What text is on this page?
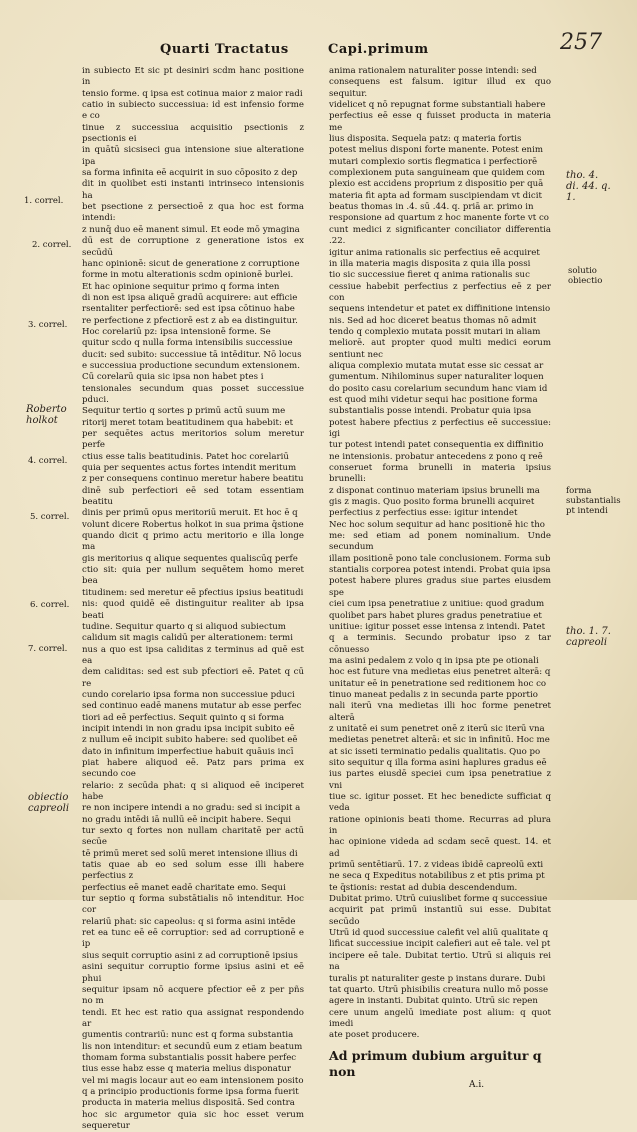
Quarti Tractatus	Capi.primum	257
1. correl.
2. correl.
3. correl.
Roberto holkot
4. correl.
5. correl.
6. correl.
7. correl.
obiectio capreoli
tho. 4. di. 44. q. 1.
solutio obiectio
forma substantialis pt intendi
tho. 1. 7. capreoli

in subiecto Et sic pt desiniri scdm hanc positione in

tensio forme. q ipsa est cotinua maior z maior radi

catio in subiecto successiua: id est infensio forme e co

tinue z successiua acquisitio psectionis z psectionis ei

in quātū sicsiseci gua intensione siue alteratione ipa

sa forma infinita eē acquirit in suo cōposito z dep

dit in quolibet esti instanti intrinseco intensionis ha

bet psectione z persectioē z qua hoc est forma intendi:

z nunq̄ duo eē manent simul. Et eode mō ymagina

dū est de corruptione z generatione istos ex secūdū

hanc opinionē: sicut de generatione z corruptione

forme in motu alterationis scdm opinionē burlei.

Et hac opinione sequitur primo q forma inten

di non est ipsa aliquē gradū acquirere: aut efficie

rsentaliter perfectiorē: sed est ipsa cōtinuo habe

re perfectione z pfectiorē est z ab ea distinguitur.

Hoc corelariū pz: ipsa intensionē forme. Se

quitur scdo q nulla forma intensibilis successiue

ducit: sed subito: successiue tā intēditur. Nō locus

e successiua productione secundum extensionem.

Cū corelarū quia sic ipsa non habet ptes i

tensionales secundum quas posset successiue pduci.

Sequitur tertio q sortes p primū actū suum me

ritorij meret totam beatitudinem qua habebit: et

per sequētes actus meritorios solum meretur perfe

ctius esse talis beatitudinis. Patet hoc corelariū

quia per sequentes actus fortes intendit meritum

z per consequens continuo meretur habere beatitu

dinē sub perfectiori eē sed totam essentiam beatitu

dinis per primū opus meritoriū meruit. Et hoc ē q

volunt dicere Robertus holkot in sua prima q̄stione

quando dicit q primo actu meritorio e illa longe ma

gis meritorius q alique sequentes qualiscūq perfe

ctio sit: quia per nullum sequētem homo meret bea

titudinem: sed meretur eē pfectius ipsius beatitudi

nis: quod quidē eē distinguitur realiter ab ipsa beati

tudine. Sequitur quarto q si aliquod subiectum

calidum sit magis calidū per alterationem: termi

nus a quo est ipsa caliditas z terminus ad quē est ea

dem caliditas: sed est sub pfectiori eē. Patet q cū re

cundo corelario ipsa forma non successiue pduci

sed continuo eadē manens mutatur ab esse perfec

tiori ad eē perfectius. Sequit quinto q si forma

incipit intendi in non gradu ipsa incipit subito eē

z nullum eē incipit subito habere: sed quolibet eē

dato in infinitum imperfectiue habuit quāuis incī

piat habere aliquod eē. Patz pars prima ex secundo coe

relario: z secūda phat: q si aliquod eē inciperet habe

re non incipere intendi a no gradu: sed si incipit a

no gradu intēdi iā nullū eē incipit habere. Sequi

tur sexto q fortes non nullam charitatē per actū secūe

tē primū meret sed solū meret intensione illius di

tatis quae ab eo sed solum esse illi habere perfectius z

perfectius eē manet eadē charitate emo. Sequi

tur septio q forma substātialis nō intenditur. Hoc cor

relariū phat: sic capeolus: q si forma asini intēde

ret ea tunc eē eē corruptior: sed ad corruptionē e ip

sius sequit corruptio asini z ad corruptionē ipsius

asini sequitur corruptio forme ipsius asini et eē phui

sequitur ipsam nō acquere pfectior eē z per pñs no m

tendi. Et hec est ratio qua assignat respondendo ar

gumentis contrariū: nunc est q forma substantia

lis non intenditur: et secundū eum z etiam beatum

thomam forma substantialis possit habere perfec

tius esse habz esse q materia melius disponatur

vel mi magis locaur aut eo eam intensionem posito

q a principio productionis forme ipsa forma fuerit

producta in materia melius dispositā. Sed contra

hoc sic argumetor quia sic hoc esset verum sequeretur

anima rationalem naturaliter posse intendi: sed

consequens est falsum. igitur illud ex quo sequitur.

videlicet q nō repugnat forme substantiali habere

perfectius eē esse q fuisset producta in materia me

lius disposita. Sequela patz: q materia fortis

potest melius disponi forte manente. Potest enim

mutari complexio sortis flegmatica i perfectiorē

complexionem puta sanguineam que quidem com

plexio est accidens proprium z dispositio per quā

materia fit apta ad formam suscipiendam vt dicit

beatus thomas in .4. sū .44. q. priā ar. primo in

responsione ad quartum z hoc manente forte vt co

cunt medici z significanter conciliator differentia .22.

igitur anima rationalis sic perfectius eē acquiret

in illa materia magis disposita z quia illa possi

tio sic successiue fieret q anima rationalis suc

cessiue habebit perfectius z perfectius eē z per con

sequens intendetur et patet ex diffinitione intensio

nis. Sed ad hoc diceret beatus thomas nō admit

tendo q complexio mutata possit mutari in aliam

meliorē. aut propter quod multi medici eorum sentiunt nec

aliqua complexio mutata mutat esse sic cessat ar

gumentum. Nihilominus super naturaliter loquen

do posito casu corelarium secundum hanc viam id

est quod mihi videtur sequi hac positione forma

substantialis posse intendi. Probatur quia ipsa

potest habere pfectius z perfectius eē successiue: igi

tur potest intendi patet consequentia ex diffinitio

ne intensionis. probatur antecedens z pono q reē

conseruet forma brunelli in materia ipsius brunelli:

z disponat continuo materiam ipsius brunelli ma

gis z magis. Quo posito forma brunelli acquiret

perfectius z perfectius esse: igitur intendet

Nec hoc solum sequitur ad hanc positionē hic tho

me: sed etiam ad ponem nominalium. Unde secundum

illam positionē pono tale conclusionem. Forma sub

stantialis corporea potest intendi. Probat quia ipsa

potest habere plures gradus siue partes eiusdem spe

ciei cum ipsa penetratiue z unitiue: quod gradum

quolibet pars habet plures gradus penetratiue et

unitiue: igitur posset esse intensa z intendi. Patet

q a terminis. Secundo probatur ipso z tar cōnuesso

ma asini pedalem z volo q in ipsa pte pe otionali

hoc est future vna medietas eius penetret alterā: q

unitatur eē in penetratione sed reditionem hoc co

tinuo maneat pedalis z in secunda parte pportio

nali iterū vna medietas illi hoc forme penetret alterā

z unitatē ei sum penetret onē z iterū sic iterū vna

medietas penetret alterā: et sic in infinitū. Hoc me

at sic isseti terminatio pedalis qualitatis. Quo po

sito sequitur q illa forma asini haplures gradus eē

ius partes eiusdē speciei cum ipsa penetratiue z vni

tiue sc. igitur posset. Et hec benedicte sufficiat q veda

ratione opinionis beati thome. Recurras ad plura in

hac opinione videda ad scdam secē quest. 14. et ad

primū sentētiarū. 17. z videas ibidē capreolū exti

ne seca q Expeditus notabilibus z et ptis prima pt

te q̄stionis: restat ad dubia descendendum.

Dubitat primo. Utrū cuiuslibet forme q successiue

acquirit pat primū instantiū sui esse. Dubitat secūdo

Utrū id quod successiue calefit vel aliū qualitate q

lificat successiue incipit calefieri aut eē tale. vel pt

incipere eē tale. Dubitat tertio. Utrū si aliquis rei na

turalis pt naturaliter geste p instans durare. Dubi

tat quarto. Utrū phisibilis creatura nullo mō posse

agere in instanti. Dubitat quinto. Utrū sic repen

cere unum angelū imediate post alium: q quot imedi

ate poset producere.

Ad primum dubium arguitur q non

A.i.
